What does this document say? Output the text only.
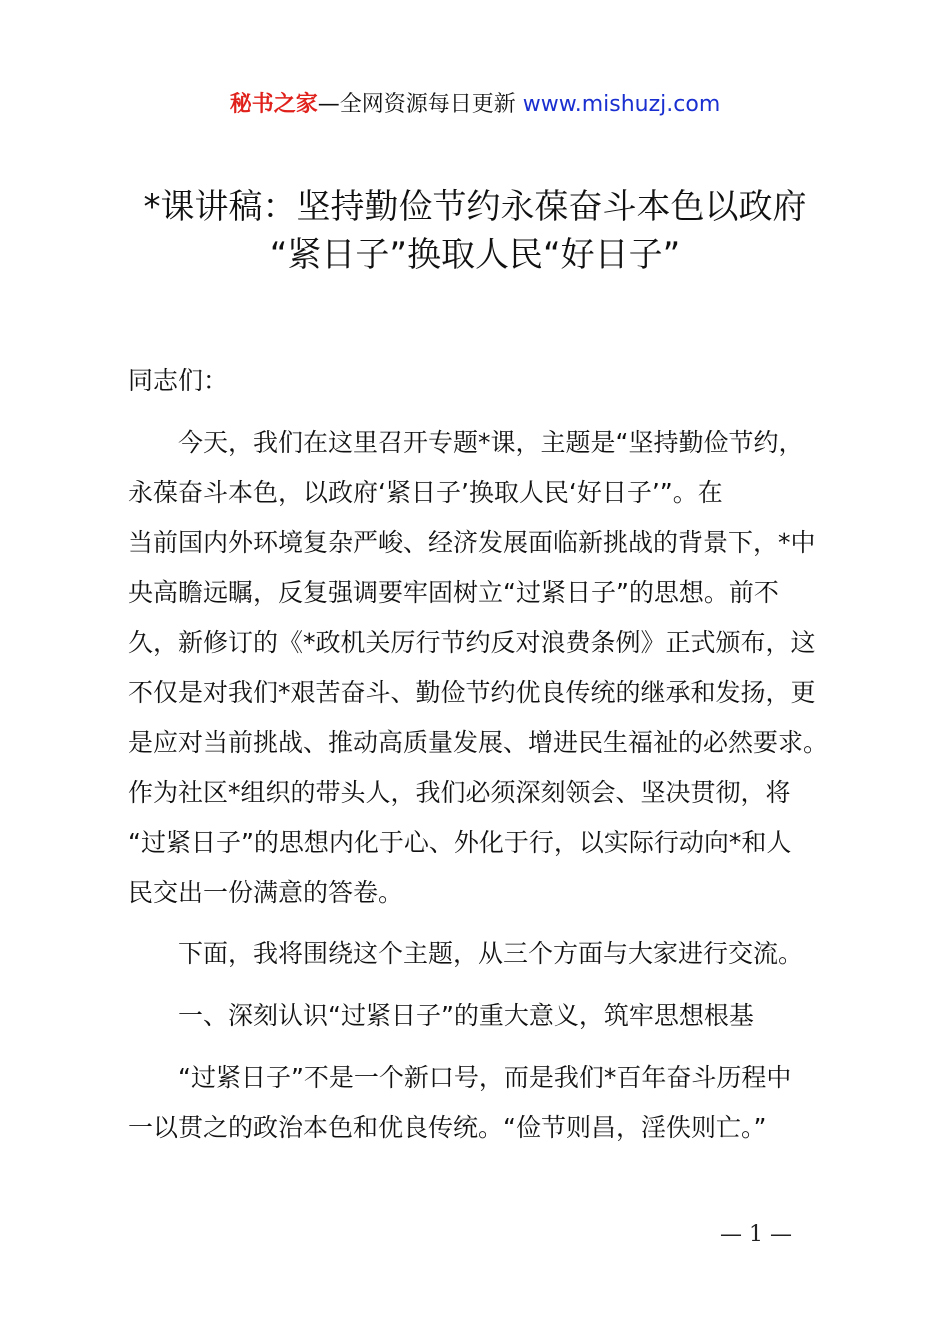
秘书之家—全网资源每日更新 www.mishuzj.com
*课讲稿：坚持勤俭节约永葆奋斗本色以政府
“紧日子”换取人民“好日子”
同志们：
　　今天，我们在这里召开专题*课，主题是“坚持勤俭节约，
永葆奋斗本色，以政府‘紧日子’换取人民‘好日子’”。在
当前国内外环境复杂严峻、经济发展面临新挑战的背景下，*中
央高瞻远瞩，反复强调要牢固树立“过紧日子”的思想。前不
久，新修订的《*政机关厉行节约反对浪费条例》正式颁布，这
不仅是对我们*艰苦奋斗、勤俭节约优良传统的继承和发扬，更
是应对当前挑战、推动高质量发展、增进民生福祉的必然要求。
作为社区*组织的带头人，我们必须深刻领会、坚决贯彻，将
“过紧日子”的思想内化于心、外化于行，以实际行动向*和人
民交出一份满意的答卷。
　　下面，我将围绕这个主题，从三个方面与大家进行交流。
　　一、深刻认识“过紧日子”的重大意义，筑牢思想根基
　　“过紧日子”不是一个新口号，而是我们*百年奋斗历程中
一以贯之的政治本色和优良传统。“俭节则昌，淫佚则亡。”
— 1 —
